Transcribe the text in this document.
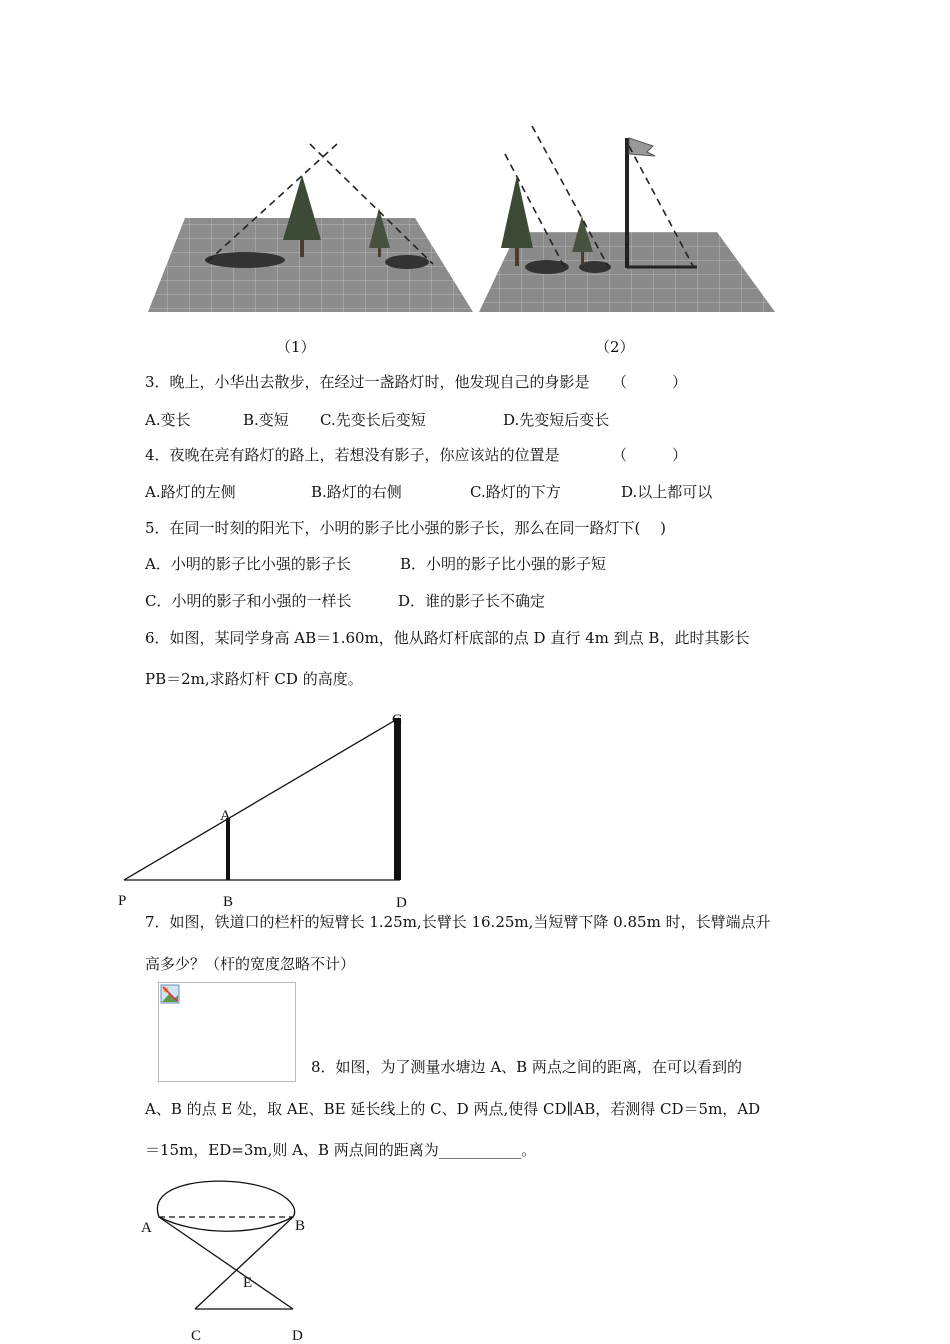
（1）	（2）
3．晚上，小华出去散步，在经过一盏路灯时，他发现自己的身影是　　（　　　）
A.变长	B.变短 C.先变长后变短	D.先变短后变长
4．夜晚在亮有路灯的路上，若想没有影子，你应该站的位置是　　　　（　　　）
A.路灯的左侧	B.路灯的右侧	C.路灯的下方	D.以上都可以
5．在同一时刻的阳光下，小明的影子比小强的影子长，那么在同一路灯下(　 )
A．小明的影子比小强的影子长	B．小明的影子比小强的影子短
C．小明的影子和小强的一样长	D．谁的影子长不确定
6．如图，某同学身高 AB＝1.60m，他从路灯杆底部的点 D 直行 4m 到点 B，此时其影长
PB＝2m,求路灯杆 CD 的高度。
C
A
P	B	D
7．如图，铁道口的栏杆的短臂长 1.25m,长臂长 16.25m,当短臂下降 0.85m 时，长臂端点升
高多少？（杆的宽度忽略不计）
8．如图，为了测量水塘边 A、B 两点之间的距离，在可以看到的
A、B 的点 E 处，取 AE、BE 延长线上的 C、D 两点,使得 CD∥AB，若测得 CD＝5m，AD
＝15m，ED=3m,则 A、B 两点间的距离为___________。
A	B
E
C	D
